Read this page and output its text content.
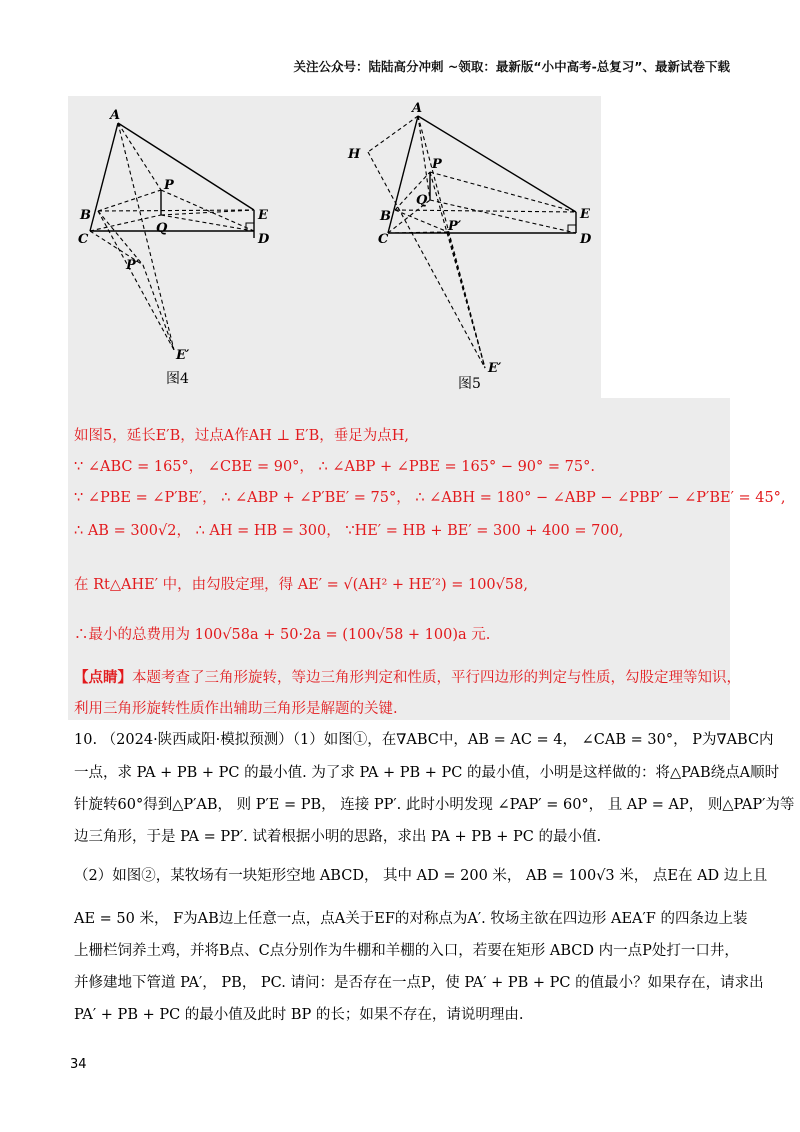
关注公众号：陆陆高分冲刺 ~领取：最新版“小中高考-总复习”、最新试卷下载
A
B
C	D
E
P
Q
P′
E′
图4
A
H
B
C	D
E
P
Q
P′
E′
图5
如图5，延长E′B，过点A作AH ⊥ E′B，垂足为点H,
∵ ∠ABC = 165°， ∠CBE = 90°， ∴ ∠ABP + ∠PBE = 165° − 90° = 75°.
∵ ∠PBE = ∠P′BE′， ∴ ∠ABP + ∠P′BE′ = 75°， ∴ ∠ABH = 180° − ∠ABP − ∠PBP′ − ∠P′BE′ = 45°,
∴ AB = 300√2， ∴ AH = HB = 300， ∵HE′ = HB + BE′ = 300 + 400 = 700,
在 Rt△AHE′ 中，由勾股定理，得 AE′ = √(AH² + HE′²) = 100√58,
∴最小的总费用为 100√58a + 50·2a = (100√58 + 100)a 元.
【点睛】本题考查了三角形旋转，等边三角形判定和性质，平行四边形的判定与性质，勾股定理等知识，
利用三角形旋转性质作出辅助三角形是解题的关键.
10. （2024·陕西咸阳·模拟预测）（1）如图①，在∇ABC中，AB = AC = 4， ∠CAB = 30°， P为∇ABC内
一点，求 PA + PB + PC 的最小值. 为了求 PA + PB + PC 的最小值，小明是这样做的：将△PAB绕点A顺时
针旋转60°得到△P′AB， 则 P′E = PB， 连接 PP′. 此时小明发现 ∠PAP′ = 60°， 且 AP = AP， 则△PAP′为等
边三角形，于是 PA = PP′. 试着根据小明的思路，求出 PA + PB + PC 的最小值.
（2）如图②，某牧场有一块矩形空地 ABCD， 其中 AD = 200 米， AB = 100√3 米， 点E在 AD 边上且
AE = 50 米， F为AB边上任意一点，点A关于EF的对称点为A′. 牧场主欲在四边形 AEA′F 的四条边上装
上栅栏饲养土鸡，并将B点、C点分别作为牛棚和羊棚的入口，若要在矩形 ABCD 内一点P处打一口井，
并修建地下管道 PA′， PB， PC. 请问：是否存在一点P，使 PA′ + PB + PC 的值最小？如果存在，请求出
PA′ + PB + PC 的最小值及此时 BP 的长；如果不存在，请说明理由.
34
